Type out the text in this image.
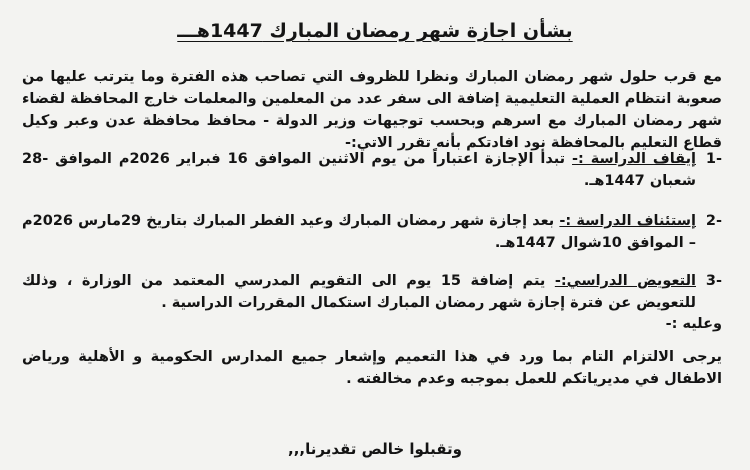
بشأن اجازة شهر رمضان المبارك 1447هـــ
مع قرب حلول شهر رمضان المبارك ونظرا للظروف التي تصاحب هذه الفترة وما يترتب عليها من صعوبة انتظام العملية التعليمية إضافة الى سفر عدد من المعلمين والمعلمات خارج المحافظة لقضاء شهر رمضان المبارك مع اسرهم وبحسب توجيهات وزير الدولة - محافظ محافظة عدن وعبر وكيل قطاع التعليم بالمحافظة نود افادتكم بأنه تقرر الاتي:-
-1
إيقاف الدراسة :- تبدأ الإجازة اعتباراً من يوم الاثنين الموافق 16 فبراير 2026م الموافق -28 شعبان 1447هـ.
-2
إستئناف الدراسة :- بعد إجازة شهر رمضان المبارك وعيد الفطر المبارك بتاريخ 29مارس 2026م – الموافق 10شوال 1447هـ.
-3
التعويض الدراسي:- يتم إضافة 15 يوم الى التقويم المدرسي المعتمد من الوزارة ، وذلك للتعويض عن فترة إجازة شهر رمضان المبارك استكمال المقررات الدراسية .
وعليه :-
يرجى الالتزام التام بما ورد في هذا التعميم وإشعار جميع المدارس الحكومية و الأهلية ورياض الاطفال في مديرياتكم للعمل بموجبه وعدم مخالفته .
وتقبلوا خالص تقديرنا,,,
